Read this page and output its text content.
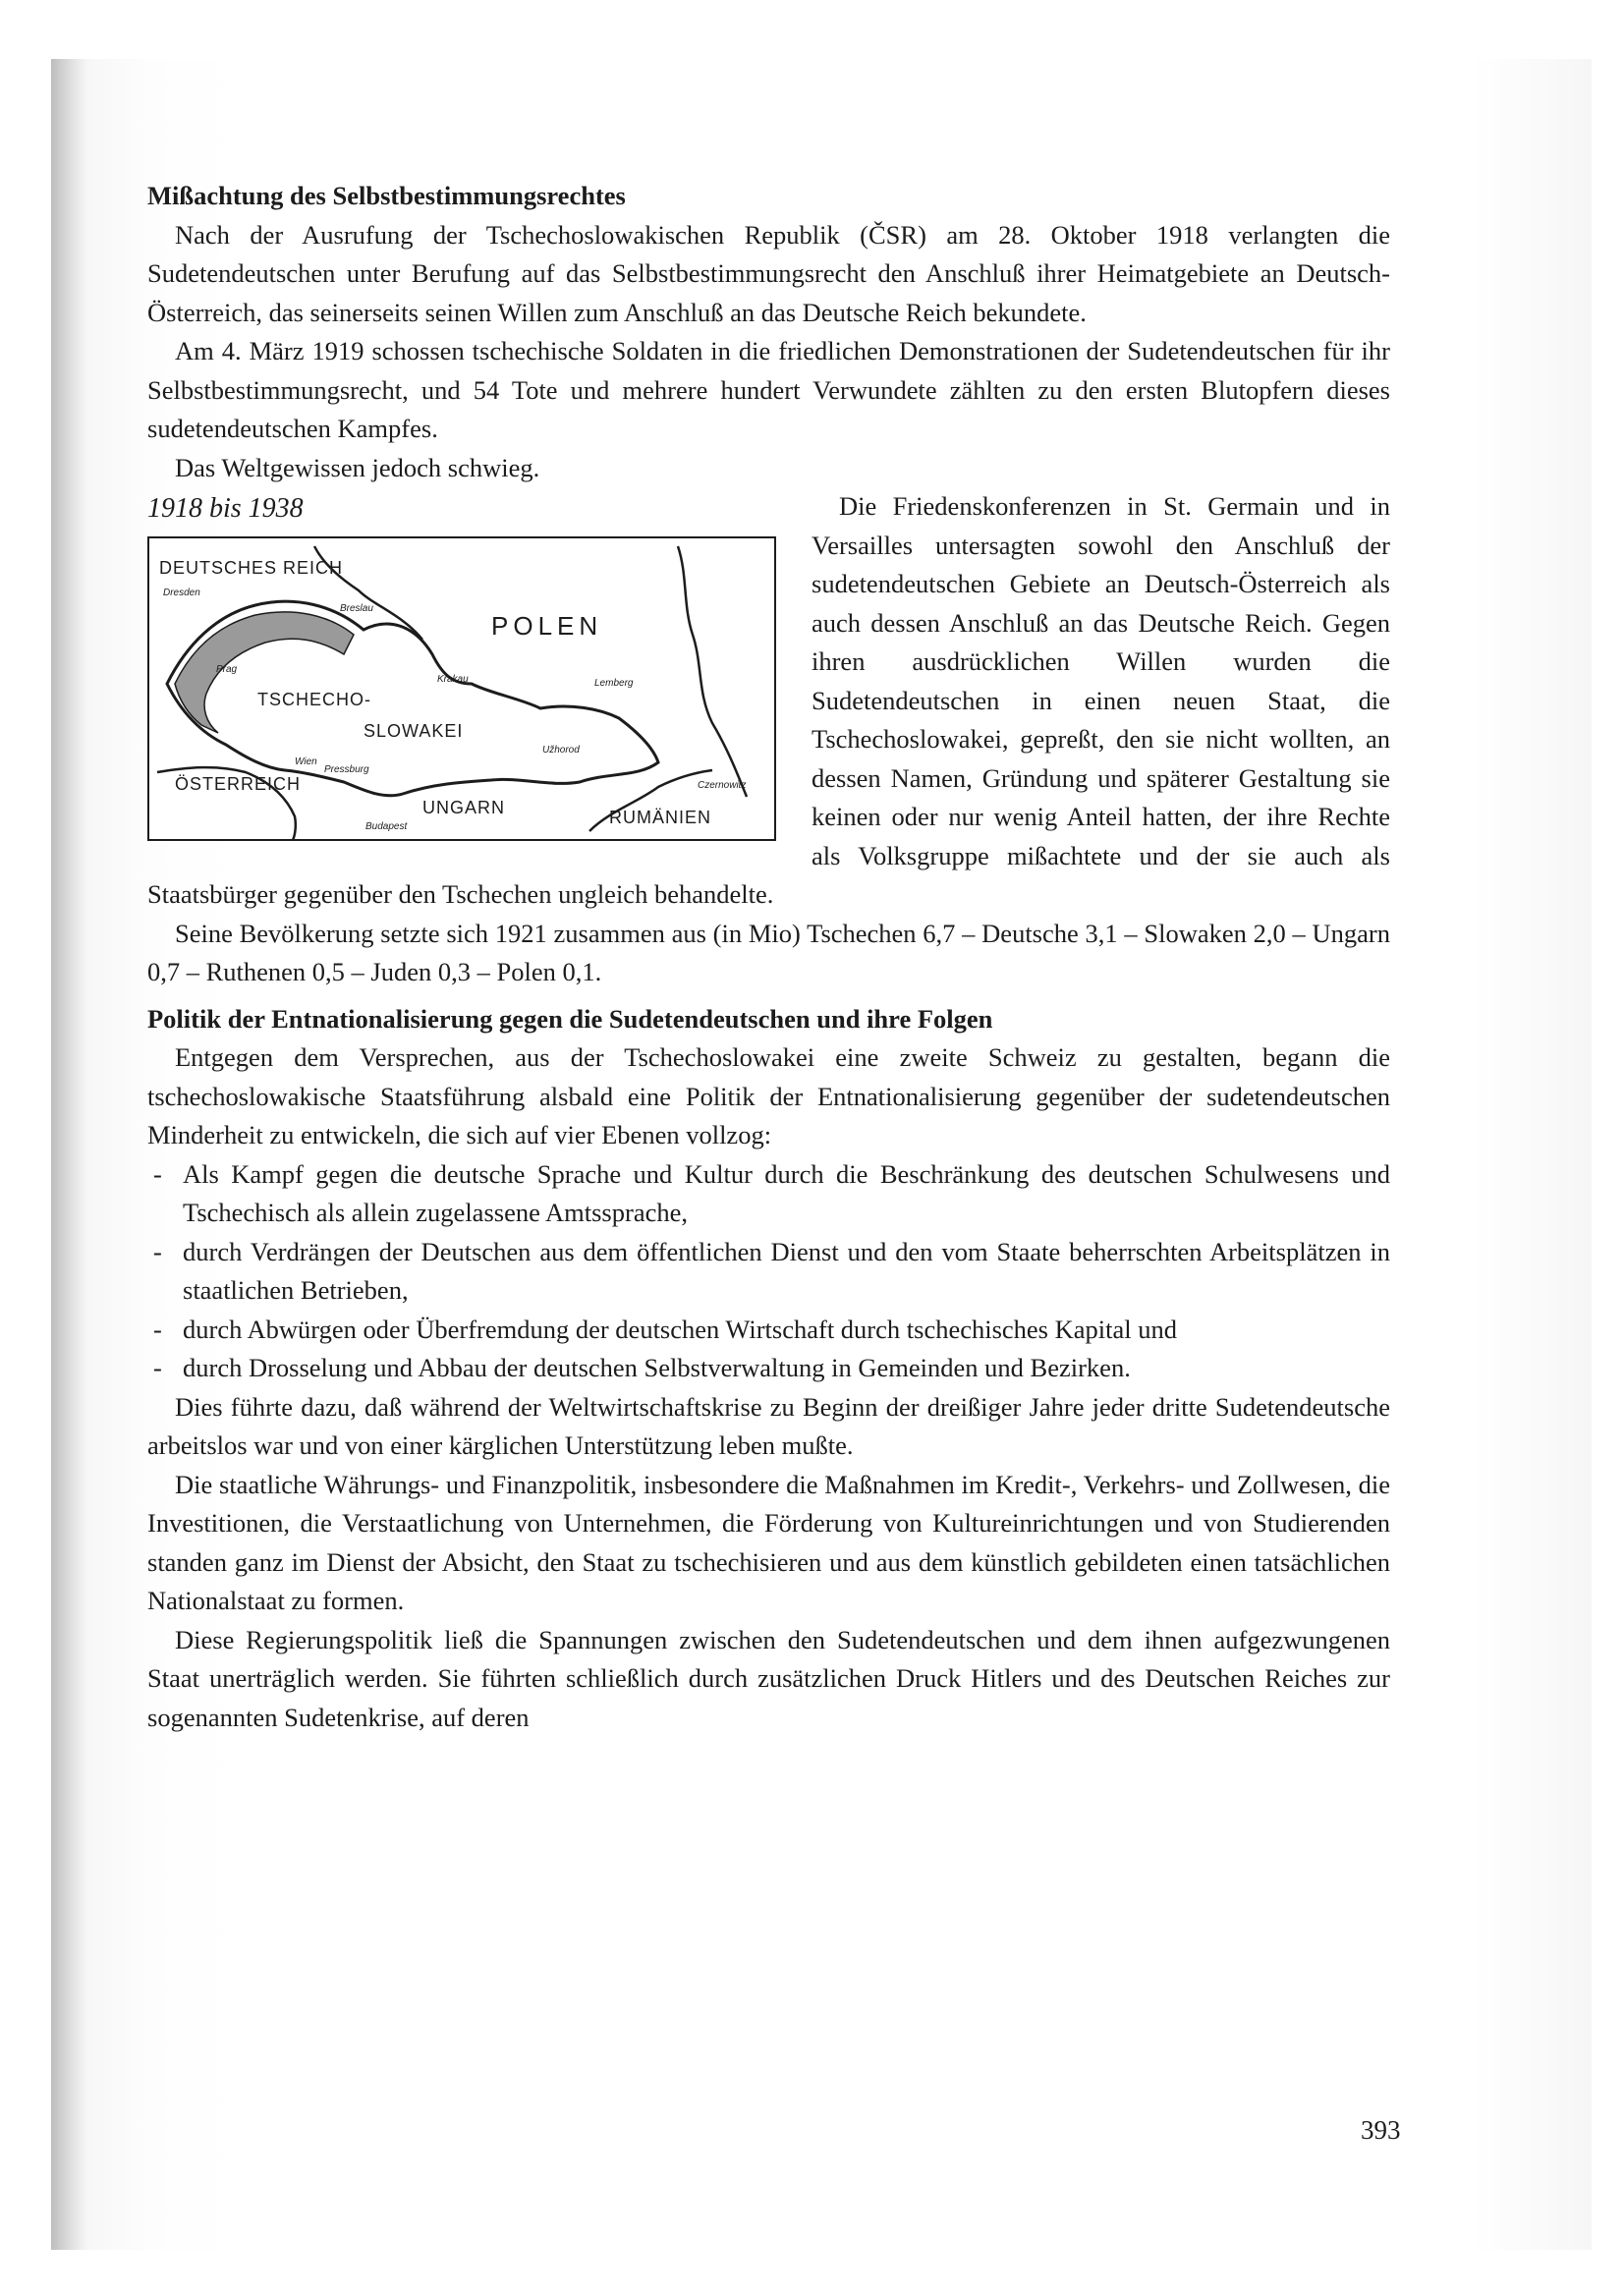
Mißachtung des Selbstbestimmungsrechtes

Nach der Ausrufung der Tschechoslowakischen Republik (ČSR) am 28. Oktober 1918 verlangten die Sudetendeutschen unter Berufung auf das Selbstbestimmungsrecht den Anschluß ihrer Heimatgebiete an Deutsch-Österreich, das seinerseits seinen Willen zum Anschluß an das Deutsche Reich bekundete.

Am 4. März 1919 schossen tschechische Soldaten in die friedlichen Demonstrationen der Sudetendeutschen für ihr Selbstbestimmungsrecht, und 54 Tote und mehrere hundert Verwundete zählten zu den ersten Blutopfern dieses sudetendeutschen Kampfes.

Das Weltgewissen jedoch schwieg.

1918 bis 1938
DEUTSCHES REICH
POLEN
TSCHECHO-
SLOWAKEI
ÖSTERREICH
UNGARN	RUMÄNIEN
Dresden
Breslau
Krakau	Lemberg
Prag
Wien
Pressburg
Budapest
Užhorod
Czernowitz

Die Friedenskonferenzen in St. Germain und in Versailles untersagten sowohl den Anschluß der sudetendeutschen Gebiete an Deutsch-Österreich als auch dessen Anschluß an das Deutsche Reich. Gegen ihren ausdrücklichen Willen wurden die Sudetendeutschen in einen neuen Staat, die Tschechoslowakei, gepreßt, den sie nicht wollten, an dessen Namen, Gründung und späterer Gestaltung sie keinen oder nur wenig Anteil hatten, der ihre Rechte als Volksgruppe mißachtete und der sie auch als Staatsbürger gegenüber den Tschechen ungleich behandelte.

Seine Bevölkerung setzte sich 1921 zusammen aus (in Mio) Tschechen 6,7 – Deutsche 3,1 – Slowaken 2,0 – Ungarn 0,7 – Ruthenen 0,5 – Juden 0,3 – Polen 0,1.

Politik der Entnationalisierung gegen die Sudetendeutschen und ihre Folgen

Entgegen dem Versprechen, aus der Tschechoslowakei eine zweite Schweiz zu gestalten, begann die tschechoslowakische Staatsführung alsbald eine Politik der Entnationalisierung gegenüber der sudetendeutschen Minderheit zu entwickeln, die sich auf vier Ebenen vollzog:

- Als Kampf gegen die deutsche Sprache und Kultur durch die Beschränkung des deutschen Schulwesens und Tschechisch als allein zugelassene Amtssprache,
- durch Verdrängen der Deutschen aus dem öffentlichen Dienst und den vom Staate beherrschten Arbeitsplätzen in staatlichen Betrieben,
- durch Abwürgen oder Überfremdung der deutschen Wirtschaft durch tschechisches Kapital und
- durch Drosselung und Abbau der deutschen Selbstverwaltung in Gemeinden und Bezirken.

Dies führte dazu, daß während der Weltwirtschaftskrise zu Beginn der dreißiger Jahre jeder dritte Sudetendeutsche arbeitslos war und von einer kärglichen Unterstützung leben mußte.

Die staatliche Währungs- und Finanzpolitik, insbesondere die Maßnahmen im Kredit-, Verkehrs- und Zollwesen, die Investitionen, die Verstaatlichung von Unternehmen, die Förderung von Kultureinrichtungen und von Studierenden standen ganz im Dienst der Absicht, den Staat zu tschechisieren und aus dem künstlich gebildeten einen tatsächlichen Nationalstaat zu formen.

Diese Regierungspolitik ließ die Spannungen zwischen den Sudetendeutschen und dem ihnen aufgezwungenen Staat unerträglich werden. Sie führten schließlich durch zusätzlichen Druck Hitlers und des Deutschen Reiches zur sogenannten Sudetenkrise, auf deren

393
